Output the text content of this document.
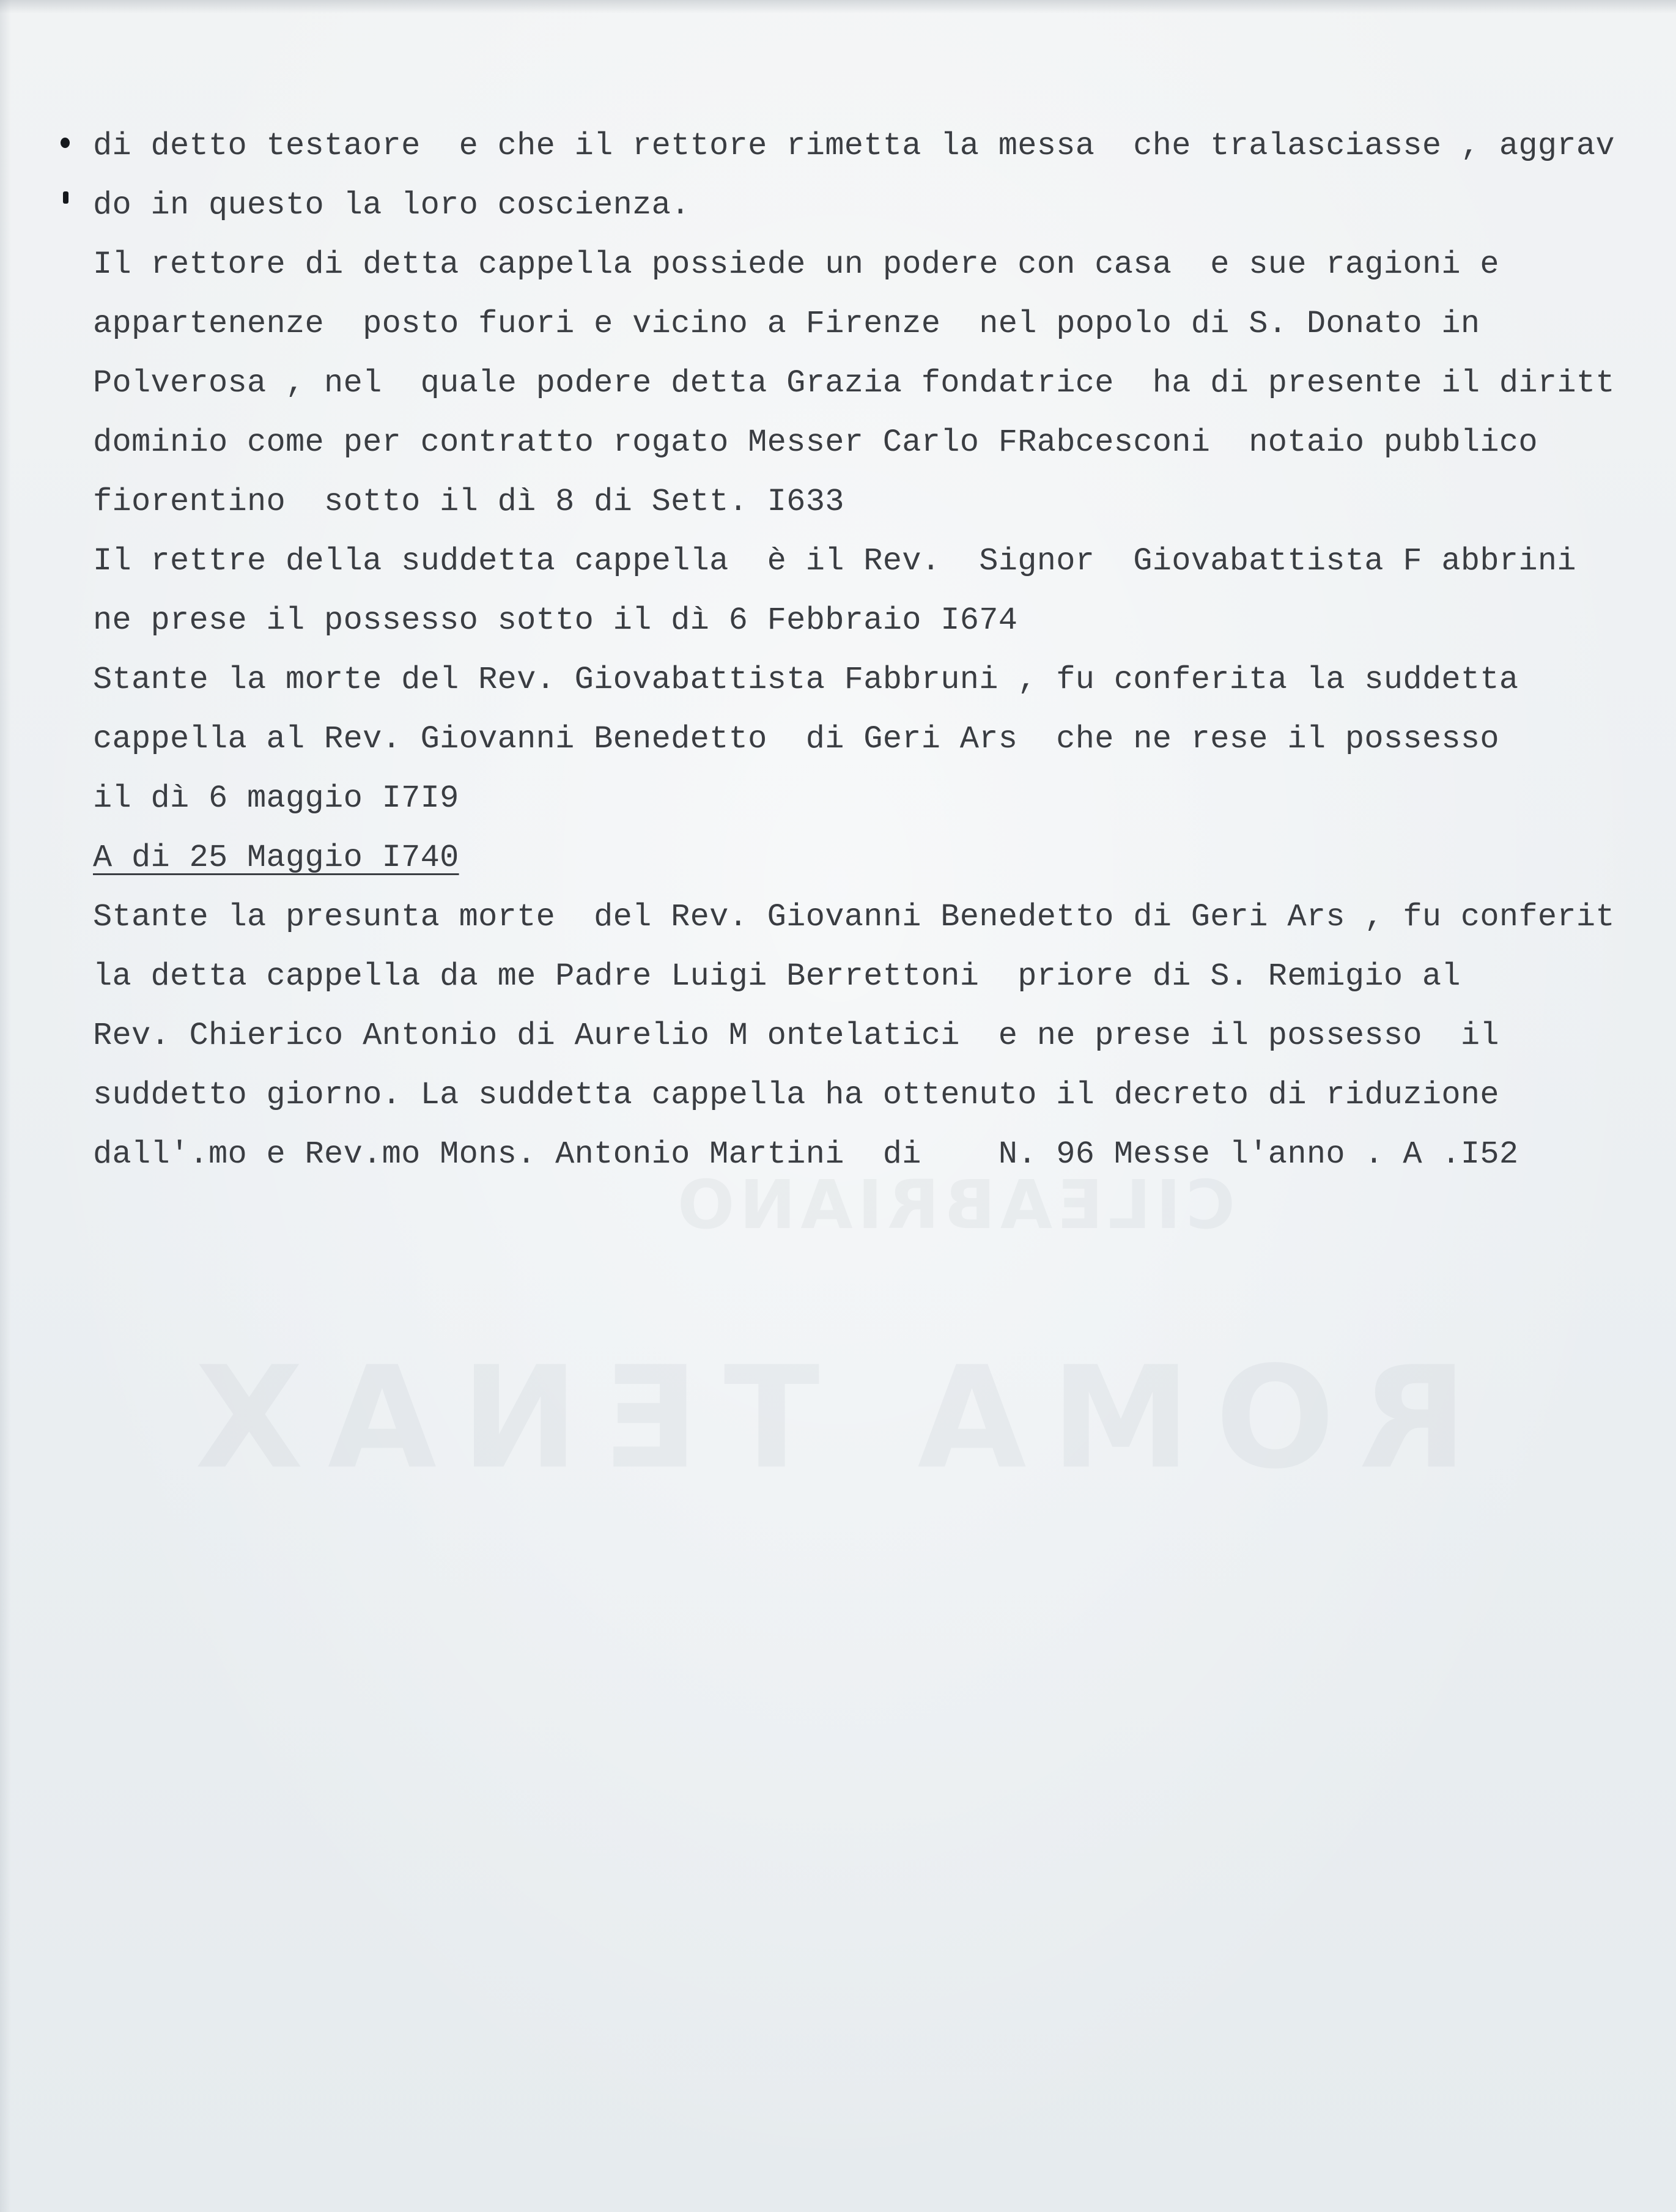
CILEABRIANO
ROMA TENAX
di detto testaore  e che il rettore rimetta la messa  che tralasciasse , aggrav
do in questo la loro coscienza.
Il rettore di detta cappella possiede un podere con casa  e sue ragioni e
appartenenze  posto fuori e vicino a Firenze  nel popolo di S. Donato in
Polverosa , nel  quale podere detta Grazia fondatrice  ha di presente il diritt
dominio come per contratto rogato Messer Carlo FRabcesconi  notaio pubblico
fiorentino  sotto il dì 8 di Sett. I633
Il rettre della suddetta cappella  è il Rev.  Signor  Giovabattista F abbrini
ne prese il possesso sotto il dì 6 Febbraio I674
Stante la morte del Rev. Giovabattista Fabbruni , fu conferita la suddetta
cappella al Rev. Giovanni Benedetto  di Geri Ars  che ne rese il possesso
il dì 6 maggio I7I9
A di 25 Maggio I740
Stante la presunta morte  del Rev. Giovanni Benedetto di Geri Ars , fu conferit
la detta cappella da me Padre Luigi Berrettoni  priore di S. Remigio al
Rev. Chierico Antonio di Aurelio M ontelatici  e ne prese il possesso  il
suddetto giorno. La suddetta cappella ha ottenuto il decreto di riduzione
dall'.mo e Rev.mo Mons. Antonio Martini  di    N. 96 Messe l'anno . A .I52
